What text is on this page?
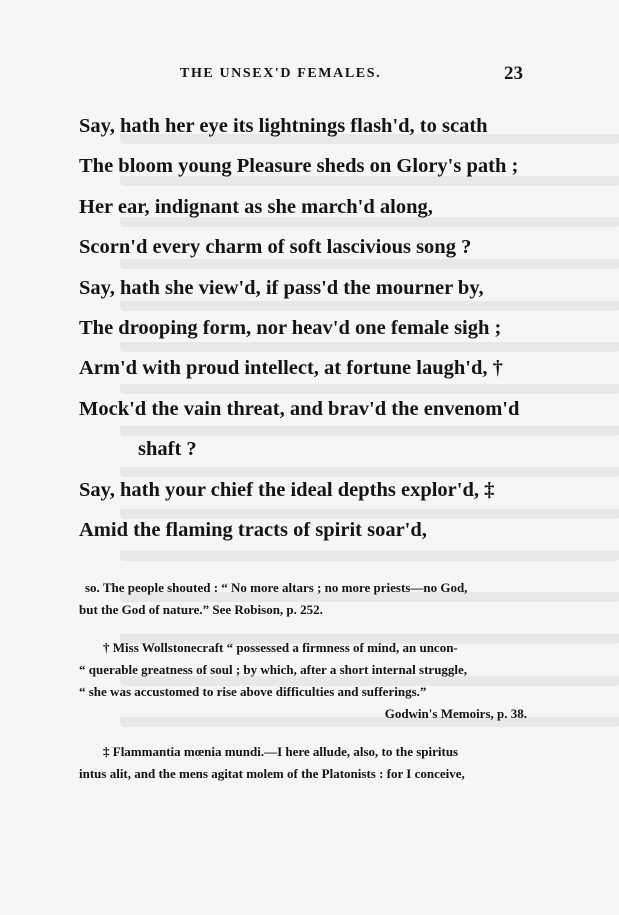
THE UNSEX'D FEMALES.	23
Say, hath her eye its lightnings flash'd, to scath
The bloom young Pleasure sheds on Glory's path ;
Her ear, indignant as she march'd along,
Scorn'd every charm of soft lascivious song ?
Say, hath she view'd, if pass'd the mourner by,
The drooping form, nor heav'd one female sigh ;
Arm'd with proud intellect, at fortune laugh'd, †
Mock'd the vain threat, and brav'd the envenom'd
shaft ?
Say, hath your chief the ideal depths explor'd, ‡
Amid the flaming tracts of spirit soar'd,
so. The people shouted : “ No more altars ; no more priests—no God,
but the God of nature.” See Robison, p. 252.
† Miss Wollstonecraft “ possessed a firmness of mind, an uncon-
“ querable greatness of soul ; by which, after a short internal struggle,
“ she was accustomed to rise above difficulties and sufferings.”
Godwin's Memoirs, p. 38.
‡ Flammantia mœnia mundi.—I here allude, also, to the spiritus
intus alit, and the mens agitat molem of the Platonists : for I conceive,
